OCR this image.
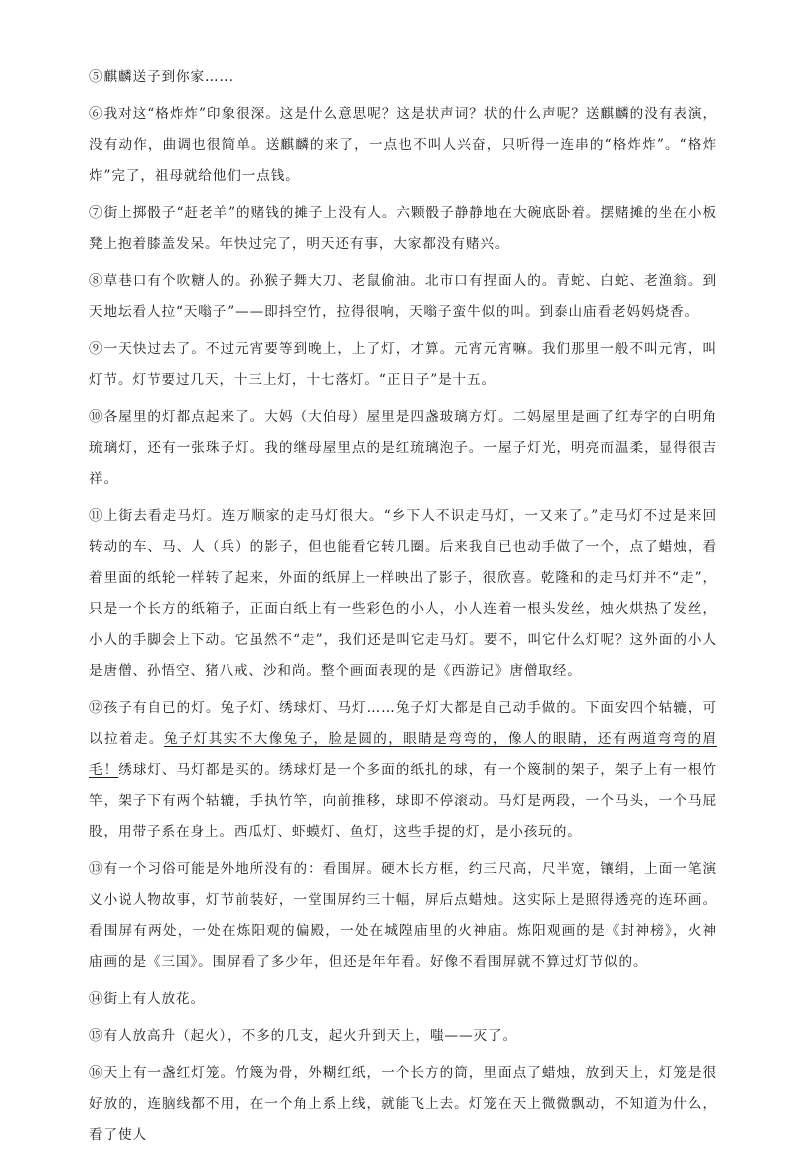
⑤麒麟送子到你家……

⑥我对这“格炸炸”印象很深。这是什么意思呢？这是状声词？状的什么声呢？送麒麟的没有表演，没有动作，曲调也很简单。送麒麟的来了，一点也不叫人兴奋，只听得一连串的“格炸炸”。“格炸炸”完了，祖母就给他们一点钱。

⑦街上掷骰子“赶老羊”的赌钱的摊子上没有人。六颗骰子静静地在大碗底卧着。摆赌摊的坐在小板凳上抱着膝盖发呆。年快过完了，明天还有事，大家都没有赌兴。

⑧草巷口有个吹糖人的。孙猴子舞大刀、老鼠偷油。北市口有捏面人的。青蛇、白蛇、老渔翁。到天地坛看人拉“天嗡子”——即抖空竹，拉得很响，天嗡子蛮牛似的叫。到泰山庙看老妈妈烧香。

⑨一天快过去了。不过元宵要等到晚上，上了灯，才算。元宵元宵嘛。我们那里一般不叫元宵，叫灯节。灯节要过几天，十三上灯，十七落灯。“正日子”是十五。

⑩各屋里的灯都点起来了。大妈（大伯母）屋里是四盏玻璃方灯。二妈屋里是画了红寿字的白明角琉璃灯，还有一张珠子灯。我的继母屋里点的是红琉璃泡子。一屋子灯光，明亮而温柔，显得很吉祥。

⑪上街去看走马灯。连万顺家的走马灯很大。“乡下人不识走马灯，一又来了。”走马灯不过是来回转动的车、马、人（兵）的影子，但也能看它转几圈。后来我自已也动手做了一个，点了蜡烛，看着里面的纸轮一样转了起来，外面的纸屏上一样映出了影子，很欣喜。乾隆和的走马灯并不“走”，只是一个长方的纸箱子，正面白纸上有一些彩色的小人，小人连着一根头发丝，烛火烘热了发丝，小人的手脚会上下动。它虽然不“走”，我们还是叫它走马灯。要不，叫它什么灯呢？这外面的小人是唐僧、孙悟空、猪八戒、沙和尚。整个画面表现的是《西游记》唐僧取经。

⑫孩子有自已的灯。兔子灯、绣球灯、马灯……兔子灯大都是自己动手做的。下面安四个轱辘，可以拉着走。兔子灯其实不大像兔子，脸是圆的，眼睛是弯弯的，像人的眼睛，还有两道弯弯的眉毛！绣球灯、马灯都是买的。绣球灯是一个多面的纸扎的球，有一个篾制的架子，架子上有一根竹竿，架子下有两个轱辘，手执竹竿，向前推移，球即不停滚动。马灯是两段，一个马头，一个马屁股，用带子系在身上。西瓜灯、虾蟆灯、鱼灯，这些手提的灯，是小孩玩的。

⑬有一个习俗可能是外地所没有的：看围屏。硬木长方框，约三尺高，尺半宽，镶绢，上面一笔演义小说人物故事，灯节前装好，一堂围屏约三十幅，屏后点蜡烛。这实际上是照得透亮的连环画。看围屏有两处，一处在炼阳观的偏殿，一处在城隍庙里的火神庙。炼阳观画的是《封神榜》，火神庙画的是《三国》。围屏看了多少年，但还是年年看。好像不看围屏就不算过灯节似的。

⑭街上有人放花。

⑮有人放高升（起火），不多的几支，起火升到天上，嗤——灭了。

⑯天上有一盏红灯笼。竹篾为骨，外糊红纸，一个长方的筒，里面点了蜡烛，放到天上，灯笼是很好放的，连脑线都不用，在一个角上系上线，就能飞上去。灯笼在天上微微飘动，不知道为什么，看了使人
